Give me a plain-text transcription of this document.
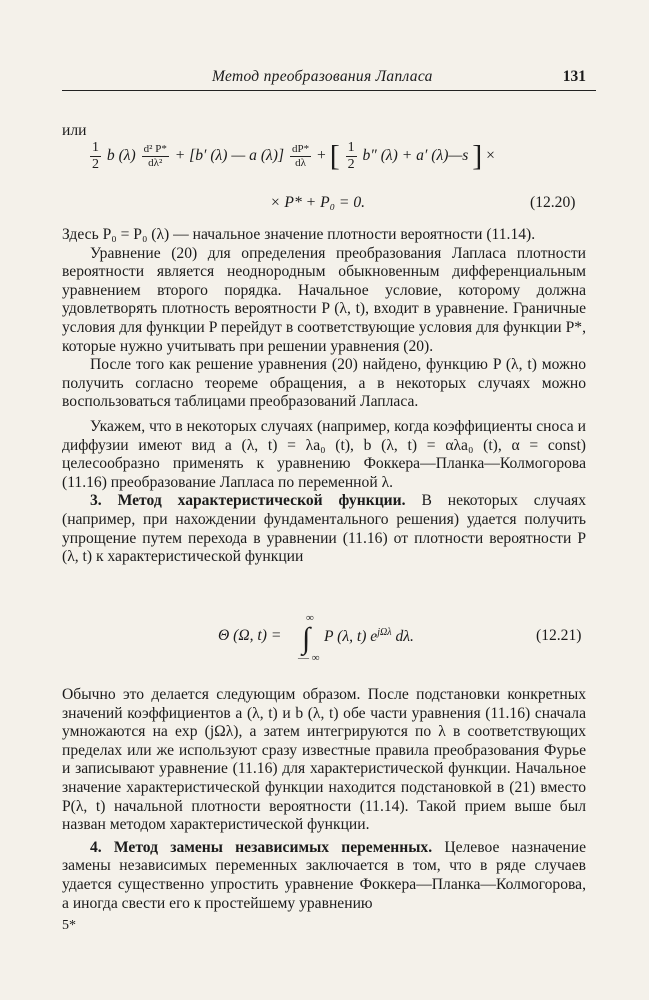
Метод преобразования Лапласа	131
или
$\frac{1}{2}$ b $(\lambda) \frac{\text{d² P*}}{\text{dλ²}} + [b'$ (λ) — a $(\lambda)] \frac{dP*}{d\lambda}$ + [ $\frac{1}{2} b''$ (λ) + a′ (λ)—s ] ×
× P* + P₀ = 0.	(12.20)

Здесь P₀ = P₀ (λ) — начальное значение плотности вероятности (11.14).

Уравнение (20) для определения преобразования Лапласа плотности вероятности является неоднородным обыкновенным дифференциальным уравнением второго порядка. Начальное условие, которому должна удовлетворять плотность вероятности P (λ, t), входит в уравнение. Граничные условия для функции P перейдут в соответствующие условия для функции P*, которые нужно учитывать при решении уравнения (20).

После того как решение уравнения (20) найдено, функцию P (λ, t) можно получить согласно теореме обращения, а в некоторых случаях можно воспользоваться таблицами преобразований Лапласа.

Укажем, что в некоторых случаях (например, когда коэффициенты сноса и диффузии имеют вид a (λ, t) = λa₀ (t), b (λ, t) = αλa₀ (t), α = const) целесообразно применять к уравнению Фоккера—Планка—Колмогорова (11.16) преобразование Лапласа по переменной λ.

3. Метод характеристической функции. В некоторых случаях (например, при нахождении фундаментального решения) удается получить упрощение путем перехода в уравнении (11.16) от плотности вероятности P (λ, t) к характеристической функции

Θ (Ω, t) = ∫
∞
— ∞
P (λ, t) $e^{j\Omega\lambda}$ dλ.	(12.21)

Обычно это делается следующим образом. После подстановки конкретных значений коэффициентов a (λ, t) и b (λ, t) обе части уравнения (11.16) сначала умножаются на exp (jΩλ), а затем интегрируются по λ в соответствующих пределах или же используют сразу известные правила преобразования Фурье и записывают уравнение (11.16) для характеристической функции. Начальное значение характеристической функции находится подстановкой в (21) вместо P(λ, t) начальной плотности вероятности (11.14). Такой прием выше был назван методом характеристической функции.

4. Метод замены независимых переменных. Целевое назначение замены независимых переменных заключается в том, что в ряде случаев удается существенно упростить уравнение Фоккера—Планка—Колмогорова, а иногда свести его к простейшему уравнению

5*
